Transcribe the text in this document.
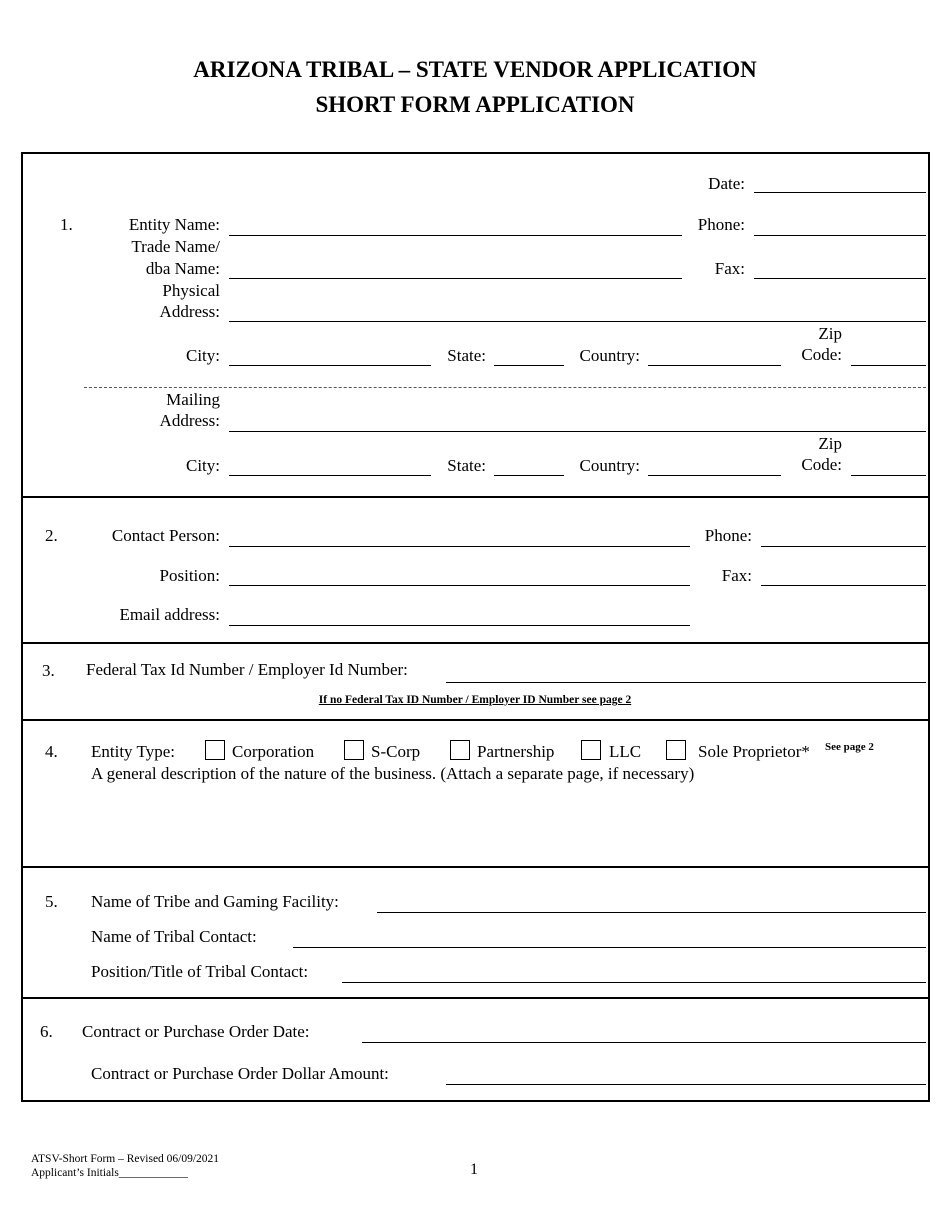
ARIZONA TRIBAL – STATE VENDOR APPLICATION
SHORT FORM APPLICATION
1.
Date:
Entity Name:	Phone:
Trade Name/
dba Name:	Fax:
Physical
Address:
City:	State:	Country:
Zip
Code:
Mailing
Address:
City:	State:	Country:
Zip
Code:
2.	Contact Person:	Phone:
Position:	Fax:
Email address:
3. Federal Tax Id Number / Employer Id Number:
If no Federal Tax ID Number / Employer ID Number see page 2
4. Entity Type:	Corporation	S-Corp	Partnership	LLC	Sole Proprietor* See page 2
A general description of the nature of the business. (Attach a separate page, if necessary)
5. Name of Tribe and Gaming Facility:
Name of Tribal Contact:
Position/Title of Tribal Contact:
6. Contract or Purchase Order Date:
Contract or Purchase Order Dollar Amount:
ATSV-Short Form – Revised 06/09/2021
Applicant’s Initials____________	1
